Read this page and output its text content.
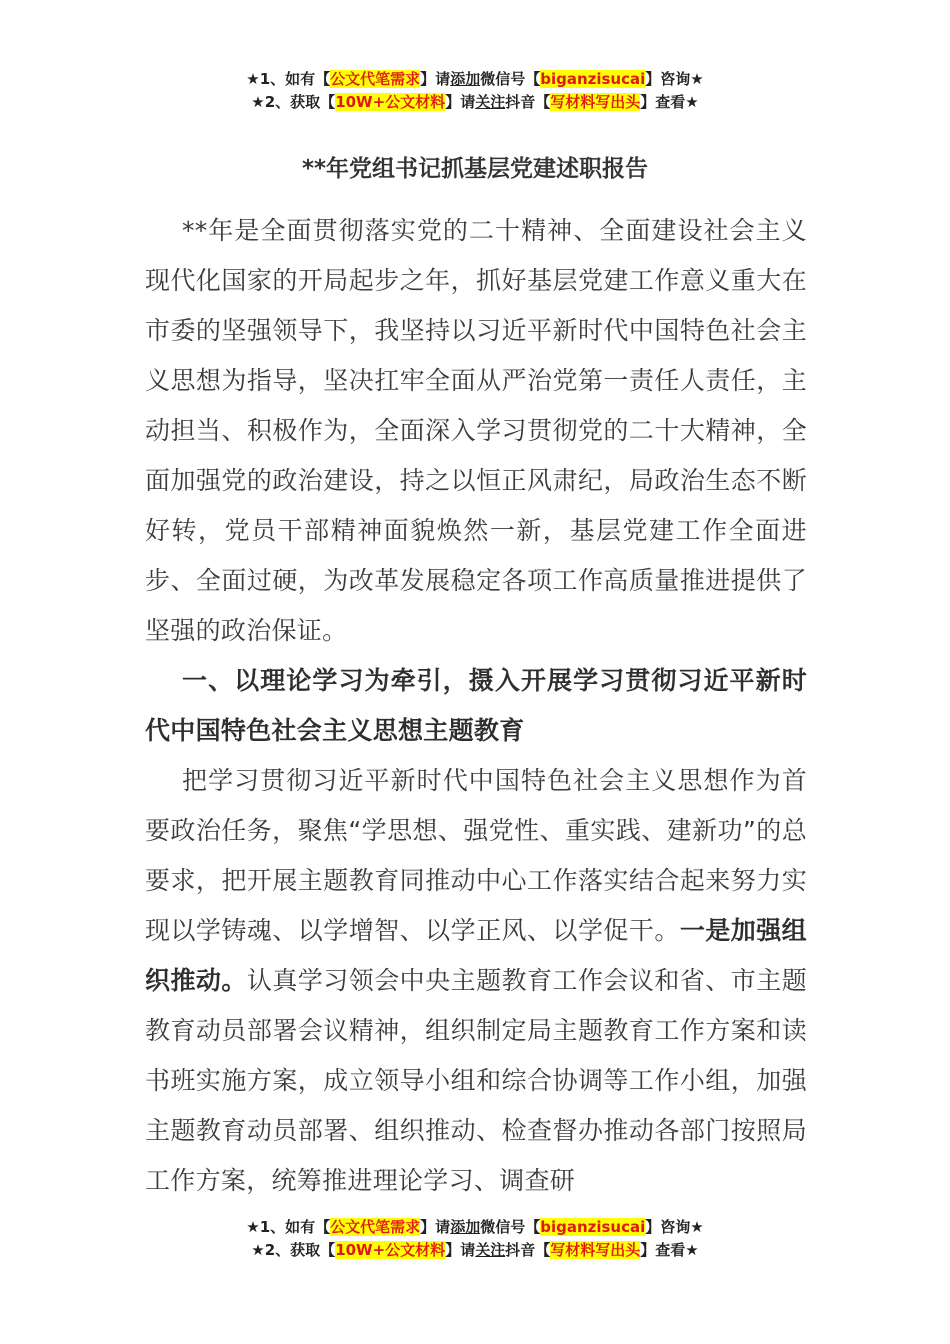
★1、如有【公文代笔需求】请添加微信号【biganzisucai】咨询★
★2、获取【10W+公文材料】请关注抖音【写材料写出头】查看★
**年党组书记抓基层党建述职报告

**年是全面贯彻落实党的二十精神、全面建设社会主义现代化国家的开局起步之年，抓好基层党建工作意义重大在市委的坚强领导下，我坚持以习近平新时代中国特色社会主义思想为指导，坚决扛牢全面从严治党第一责任人责任，主动担当、积极作为，全面深入学习贯彻党的二十大精神，全面加强党的政治建设，持之以恒正风肃纪，局政治生态不断好转，党员干部精神面貌焕然一新，基层党建工作全面进步、全面过硬，为改革发展稳定各项工作高质量推进提供了坚强的政治保证。

一、以理论学习为牵引，摄入开展学习贯彻习近平新时代中国特色社会主义思想主题教育

把学习贯彻习近平新时代中国特色社会主义思想作为首要政治任务，聚焦“学思想、强党性、重实践、建新功”的总要求，把开展主题教育同推动中心工作落实结合起来努力实现以学铸魂、以学增智、以学正风、以学促干。一是加强组织推动。认真学习领会中央主题教育工作会议和省、市主题教育动员部署会议精神，组织制定局主题教育工作方案和读书班实施方案，成立领导小组和综合协调等工作小组，加强主题教育动员部署、组织推动、检查督办推动各部门按照局工作方案，统筹推进理论学习、调查研

★1、如有【公文代笔需求】请添加微信号【biganzisucai】咨询★
★2、获取【10W+公文材料】请关注抖音【写材料写出头】查看★
